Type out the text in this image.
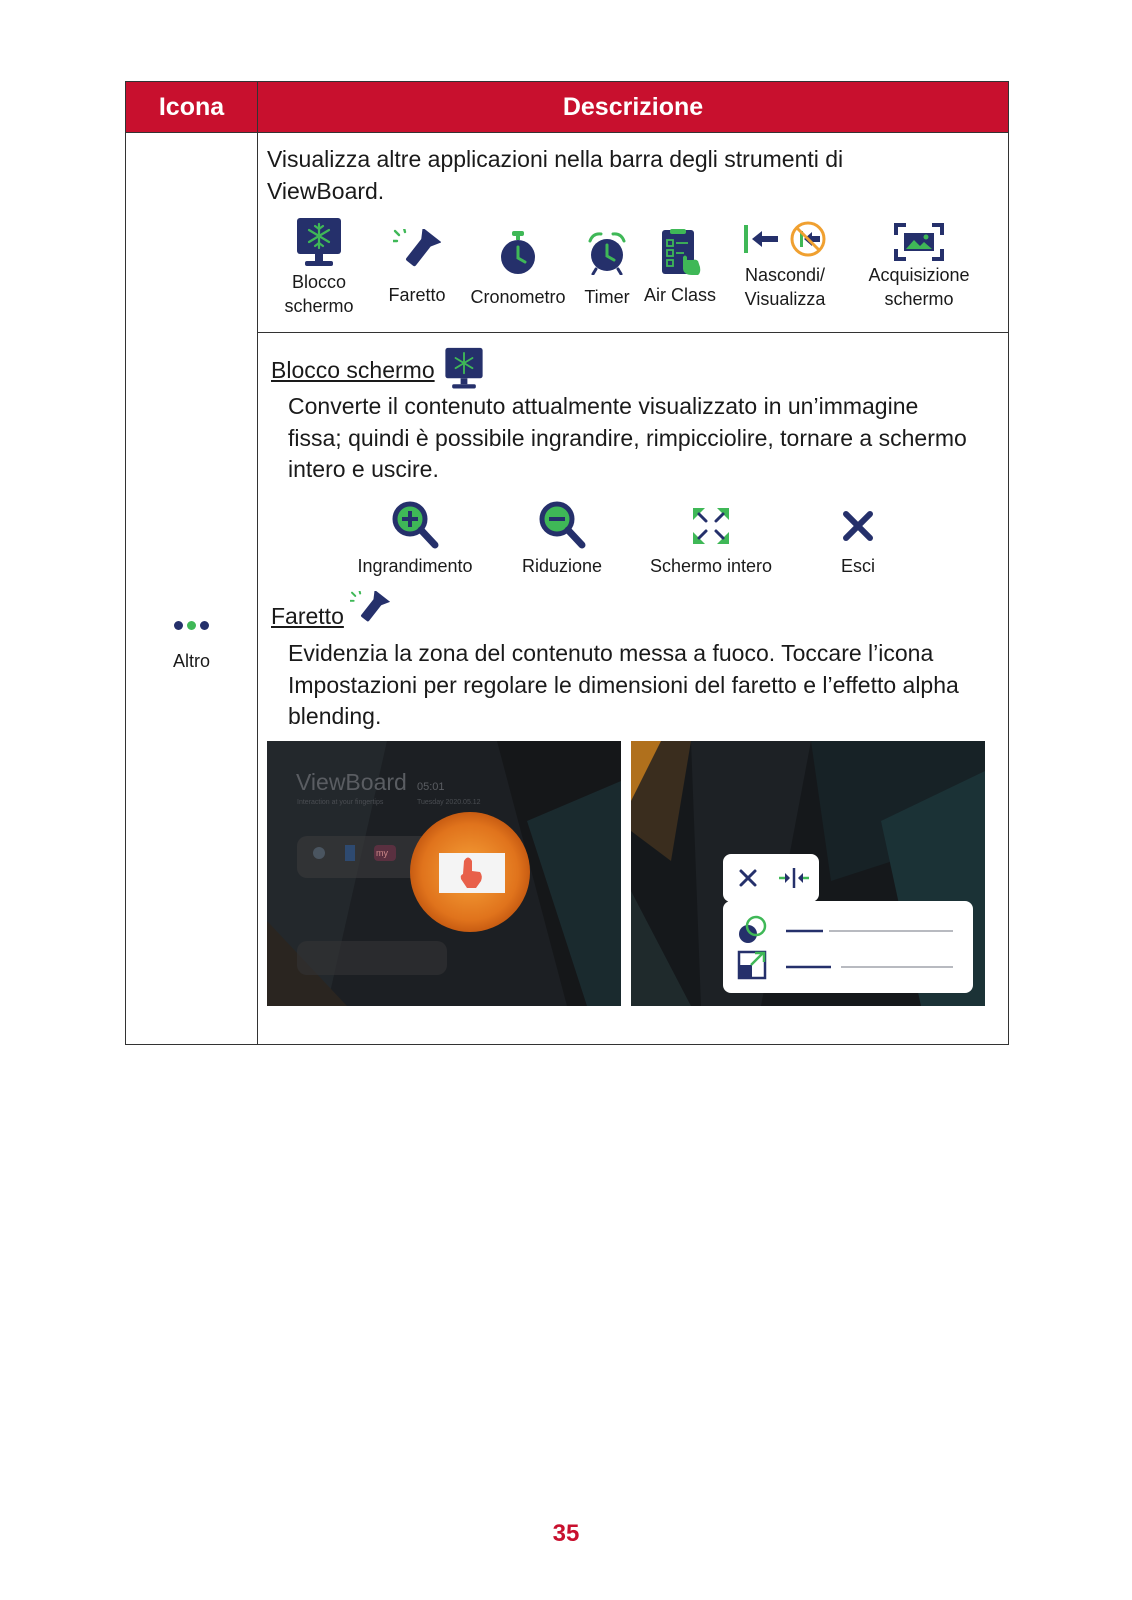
Icona	Descrizione
Altro
Visualizza altre applicazioni nella barra degli strumenti di ViewBoard.
Blocco
schermo
Faretto	Cronometro	Timer Air Class
Nascondi/
Visualizza
Acquisizione
schermo
Blocco schermo
Converte il contenuto attualmente visualizzato in un’immagine fissa; quindi è possibile ingrandire, rimpicciolire, tornare a schermo intero e uscire.
Ingrandimento	Riduzione	Schermo intero	Esci
Faretto
Evidenzia la zona del contenuto messa a fuoco. Toccare l’icona Impostazioni per regolare le dimensioni del faretto e l’effetto alpha blending.
ViewBoard 05:01
Interaction at your fingertips	Tuesday 2020.05.12
my
35
